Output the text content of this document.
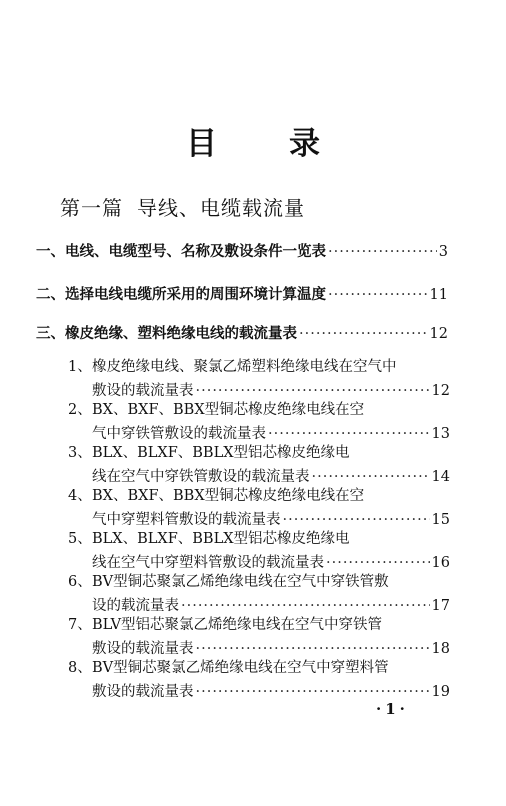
目 录
第一篇 导线、电缆载流量
一、电线、电缆型号、名称及敷设条件一览表 ·····	3
二、选择电线电缆所采用的周围环境计算温度 ·····	11
三、橡皮绝缘、塑料绝缘电线的载流量表 ·····	12
1、 橡皮绝缘电线、聚氯乙烯塑料绝缘电线在空气中
敷设的载流量表 ·····	12
2、 BX、BXF、BBX型铜芯橡皮绝缘电线在空
气中穿铁管敷设的载流量表 ·····	13
3、 BLX、BLXF、BBLX型铝芯橡皮绝缘电
线在空气中穿铁管敷设的载流量表 ·····	14
4、 BX、BXF、BBX型铜芯橡皮绝缘电线在空
气中穿塑料管敷设的载流量表 ·····	15
5、 BLX、BLXF、BBLX型铝芯橡皮绝缘电
线在空气中穿塑料管敷设的载流量表 ·····	16
6、 BV型铜芯聚氯乙烯绝缘电线在空气中穿铁管敷
设的载流量表 ·····	17
7、 BLV型铝芯聚氯乙烯绝缘电线在空气中穿铁管
敷设的载流量表 ·····	18
8、 BV型铜芯聚氯乙烯绝缘电线在空气中穿塑料管
敷设的载流量表 ·····	19
·1·
